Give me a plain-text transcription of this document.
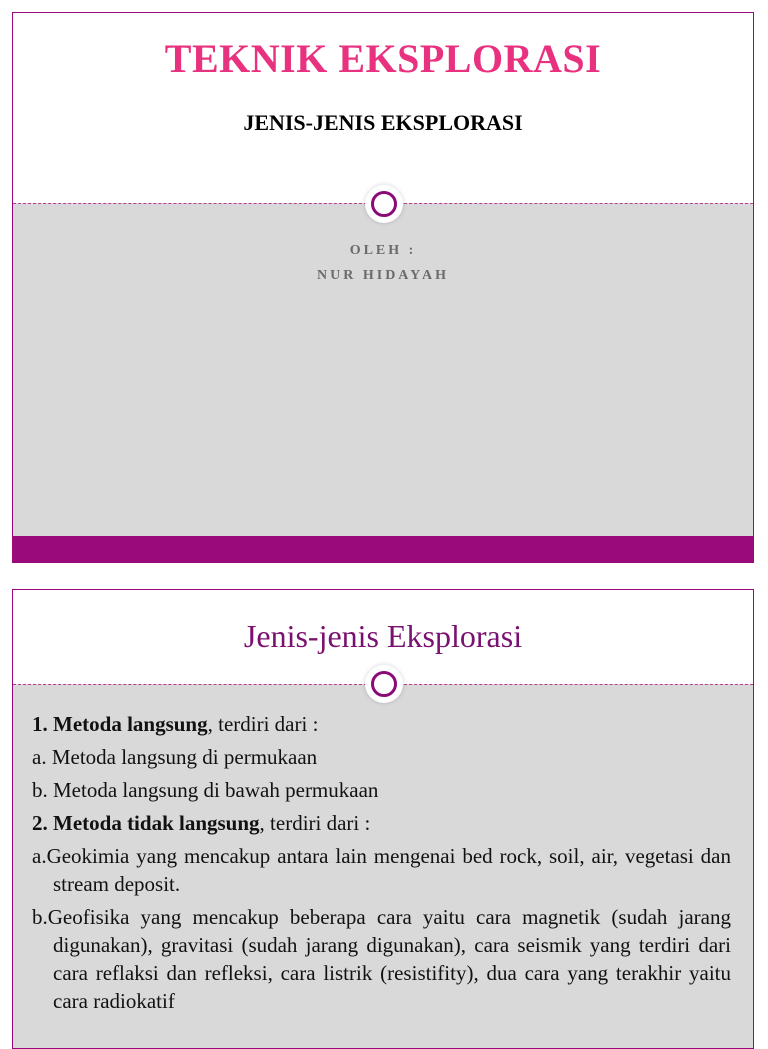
TEKNIK EKSPLORASI
JENIS-JENIS EKSPLORASI
OLEH :
NUR HIDAYAH
Jenis-jenis Eksplorasi

1. Metoda langsung, terdiri dari :

a. Metoda langsung di permukaan

b. Metoda langsung di bawah permukaan

2. Metoda tidak langsung, terdiri dari :

a.Geokimia yang mencakup antara lain mengenai bed rock, soil, air, vegetasi dan stream deposit.

b.Geofisika yang mencakup beberapa cara yaitu cara magnetik (sudah jarang digunakan), gravitasi (sudah jarang digunakan), cara seismik yang terdiri dari cara reflaksi dan refleksi, cara listrik (resistifity), dua cara yang terakhir yaitu cara radiokatif
